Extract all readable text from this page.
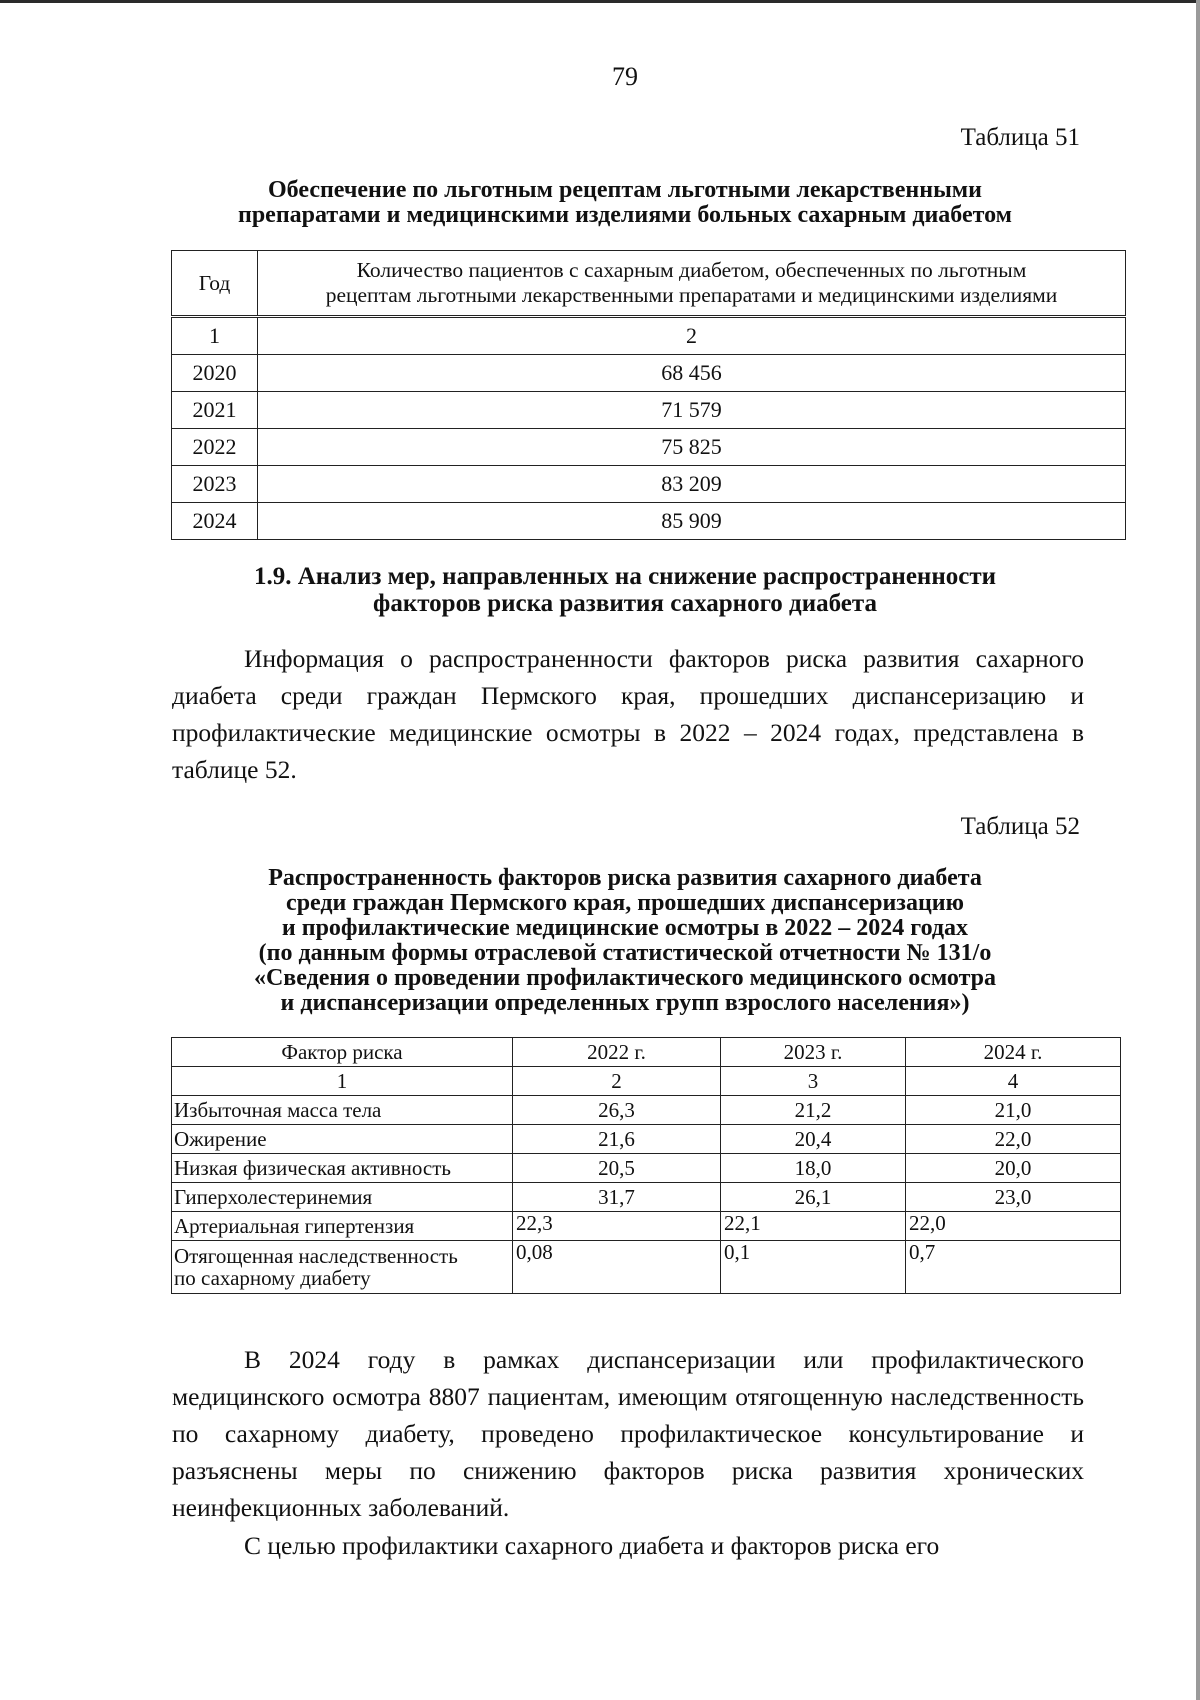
79
Таблица 51
Обеспечение по льготным рецептам льготными лекарственными
препаратами и медицинскими изделиями больных сахарным диабетом
Год	Количество пациентов с сахарным диабетом, обеспеченных по льготным
рецептам льготными лекарственными препаратами и медицинскими изделиями

1	2
2020	68 456
2021	71 579
2022	75 825
2023	83 209
2024	85 909
1.9. Анализ мер, направленных на снижение распространенности
факторов риска развития сахарного диабета

Информация о распространенности факторов риска развития сахарного диабета среди граждан Пермского края, прошедших диспансеризацию и профилактические медицинские осмотры в 2022 – 2024 годах, представлена в таблице 52.

Таблица 52
Распространенность факторов риска развития сахарного диабета
среди граждан Пермского края, прошедших диспансеризацию
и профилактические медицинские осмотры в 2022 – 2024 годах
(по данным формы отраслевой статистической отчетности № 131/о
«Сведения о проведении профилактического медицинского осмотра
и диспансеризации определенных групп взрослого населения»)
Фактор риска	2022 г.	2023 г.	2024 г.
1	2	3	4
Избыточная масса тела	26,3	21,2	21,0
Ожирение	21,6	20,4	22,0
Низкая физическая активность	20,5	18,0	20,0
Гиперхолестеринемия	31,7	26,1	23,0
Артериальная гипертензия	22,3	22,1	22,0

Отягощенная наследственность
по сахарному диабету	0,08	0,1	0,7

В 2024 году в рамках диспансеризации или профилактического медицинского осмотра 8807 пациентам, имеющим отягощенную наследственность по сахарному диабету, проведено профилактическое консультирование и разъяснены меры по снижению факторов риска развития хронических неинфекционных заболеваний.

С целью профилактики сахарного диабета и факторов риска его
